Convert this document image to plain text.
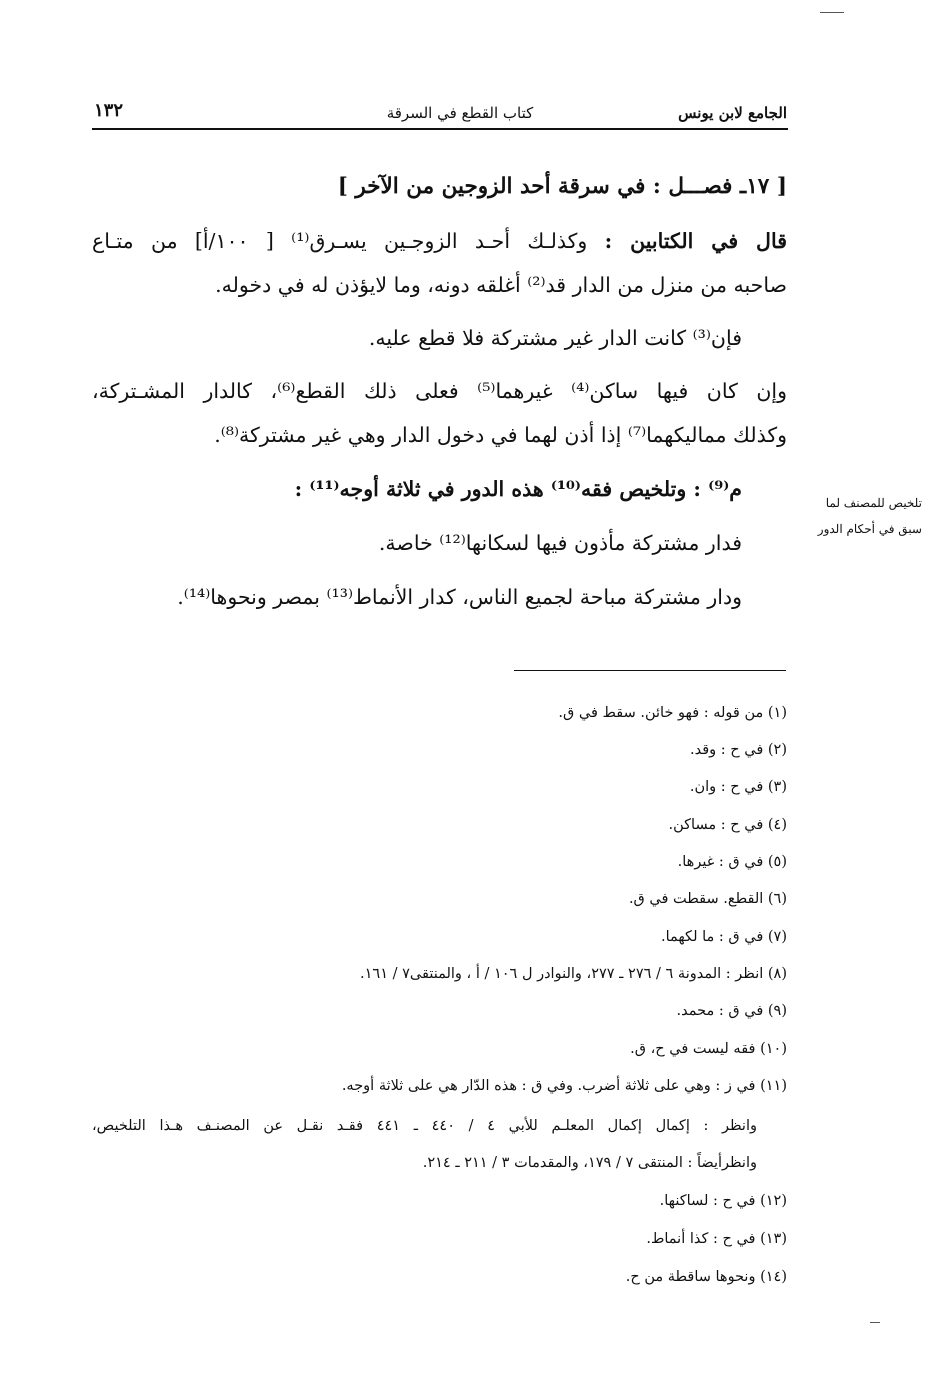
الجامع لابن يونس
كتاب القطع في السرقة
١٣٢
[ ١٧ـ فصـــل : في سرقة أحد الزوجين من الآخر ]
قال في الكتابين : وكذلـك أحـد الزوجـين يسـرق⁽¹⁾ [ ١٠٠/أ] من متـاع
صاحبه من منزل من الدار قد⁽²⁾ أغلقه دونه، وما لايؤذن له في دخوله.
فإن⁽³⁾ كانت الدار غير مشتركة فلا قطع عليه.
وإن كان فيها ساكن⁽⁴⁾ غيرهما⁽⁵⁾ فعلى ذلك القطع⁽⁶⁾، كالدار المشـتركة،
وكذلك مماليكهما⁽⁷⁾ إذا أذن لهما في دخول الدار وهي غير مشتركة⁽⁸⁾.
م⁽⁹⁾ : وتلخيص فقه⁽¹⁰⁾ هذه الدور في ثلاثة أوجه⁽¹¹⁾ :
فدار مشتركة مأذون فيها لسكانها⁽¹²⁾ خاصة.
ودار مشتركة مباحة لجميع الناس، كدار الأنماط⁽¹³⁾ بمصر ونحوها⁽¹⁴⁾.
تلخيص للمصنف لما
سبق في أحكام الدور
(١) من قوله : فهو خائن. سقط في ق.
(٢) في ح : وقد.
(٣) في ح : وان.
(٤) في ح : مساكن.
(٥) في ق : غيرها.
(٦) القطع. سقطت في ق.
(٧) في ق : ما لكهما.
(٨) انظر : المدونة ٦ / ٢٧٦ ـ ٢٧٧، والنوادر ل ١٠٦ / أ ، والمنتقى٧ / ١٦١.
(٩) في ق : محمد.
(١٠) فقه ليست في ح، ق.
(١١) في ز : وهي على ثلاثة أضرب. وفي ق : هذه الدّار هي على ثلاثة أوجه.
وانظر : إكمال إكمال المعلـم للأبي ٤ / ٤٤٠ ـ ٤٤١ فقـد نقـل عن المصنـف هـذا التلخيص،
وانظرأيضاً : المنتقى ٧ / ١٧٩، والمقدمات ٣ / ٢١١ ـ ٢١٤.
(١٢) في ح : لساكنها.
(١٣) في ح : كذا أنماط.
(١٤) ونحوها ساقطة من ح.
